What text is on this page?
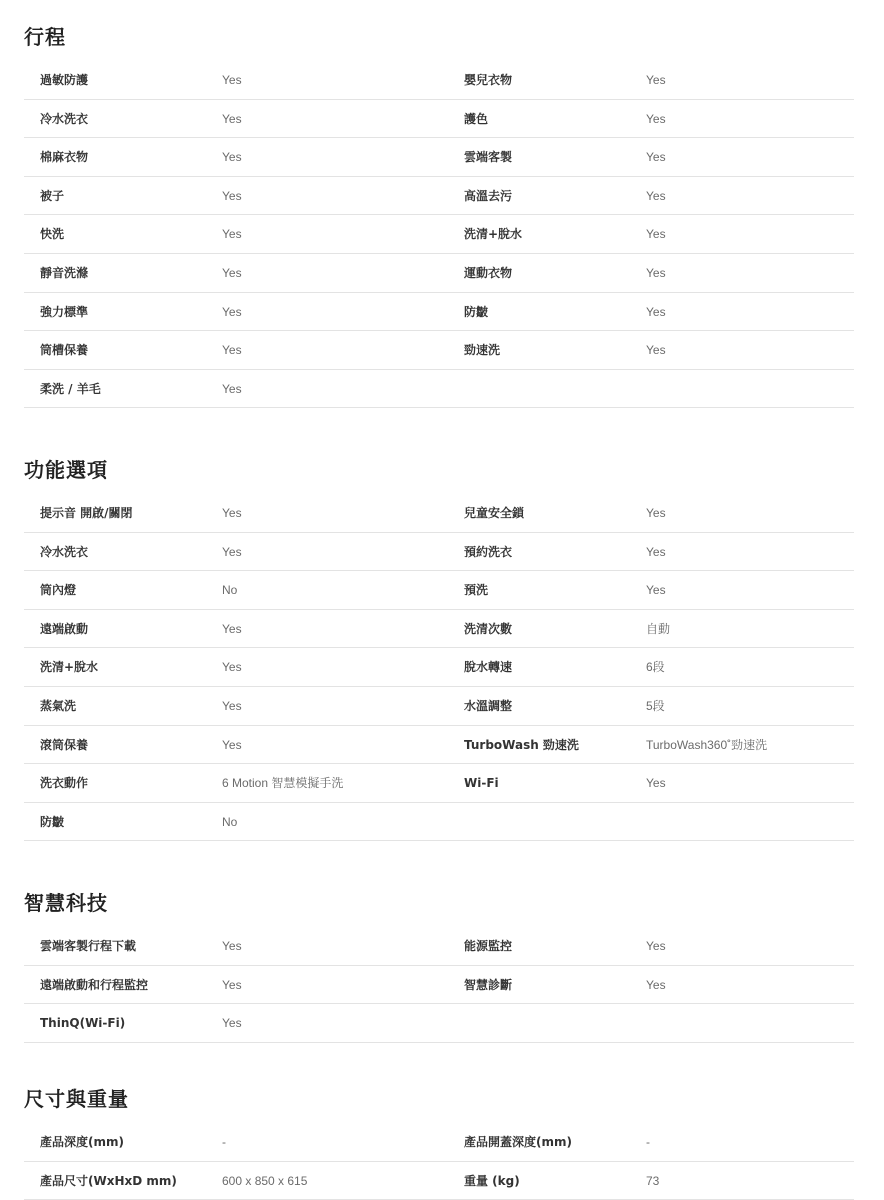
行程
過敏防護	Yes	嬰兒衣物	Yes
冷水洗衣	Yes	護色	Yes
棉麻衣物	Yes	雲端客製	Yes
被子	Yes	高溫去污	Yes
快洗	Yes	洗清+脫水	Yes
靜音洗滌	Yes	運動衣物	Yes
強力標準	Yes	防皺	Yes
筒槽保養	Yes	勁速洗	Yes
柔洗 / 羊毛	Yes
功能選項
提示音 開啟/關閉	Yes	兒童安全鎖	Yes
冷水洗衣	Yes	預約洗衣	Yes
筒內燈	No	預洗	Yes
遠端啟動	Yes	洗清次數	自動
洗清+脫水	Yes	脫水轉速	6段
蒸氣洗	Yes	水溫調整	5段
滾筒保養	Yes	TurboWash 勁速洗	TurboWash360˚勁速洗
洗衣動作	6 Motion 智慧模擬手洗	Wi-Fi	Yes
防皺	No
智慧科技
雲端客製行程下載	Yes	能源監控	Yes
遠端啟動和行程監控	Yes	智慧診斷	Yes
ThinQ(Wi-Fi)	Yes
尺寸與重量
產品深度(mm)	-	產品開蓋深度(mm)	-
產品尺寸(WxHxD mm)	600 x 850 x 615	重量 (kg)	73
